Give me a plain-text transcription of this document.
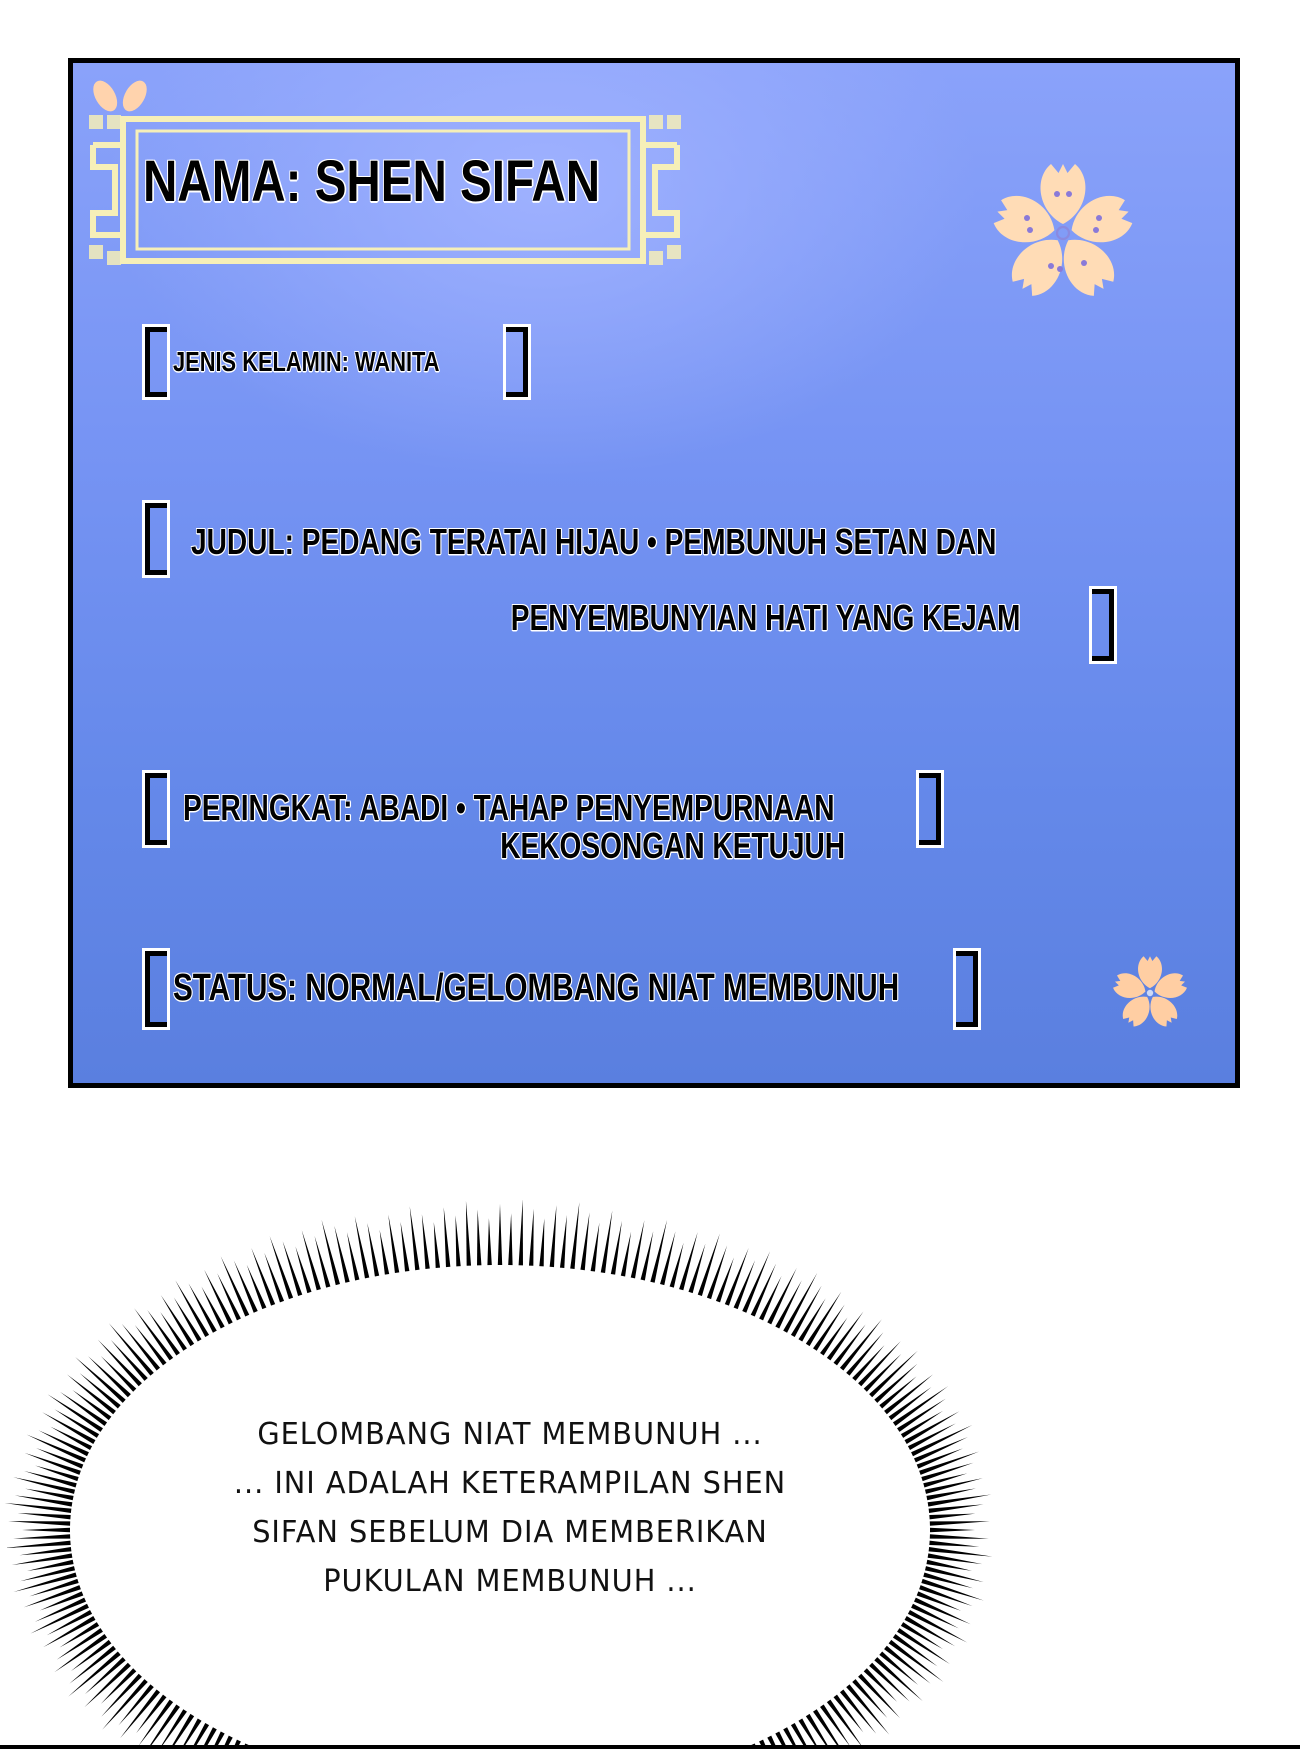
NAMA: SHEN SIFAN

JENIS KELAMIN: WANITA

JUDUL: PEDANG TERATAI HIJAU • PEMBUNUH SETAN DAN

PENYEMBUNYIAN HATI YANG KEJAM

PERINGKAT: ABADI • TAHAP PENYEMPURNAAN

KEKOSONGAN KETUJUH

STATUS: NORMAL/GELOMBANG NIAT MEMBUNUH

GELOMBANG NIAT MEMBUNUH ...
... INI ADALAH KETERAMPILAN SHEN
SIFAN SEBELUM DIA MEMBERIKAN
PUKULAN MEMBUNUH ...
